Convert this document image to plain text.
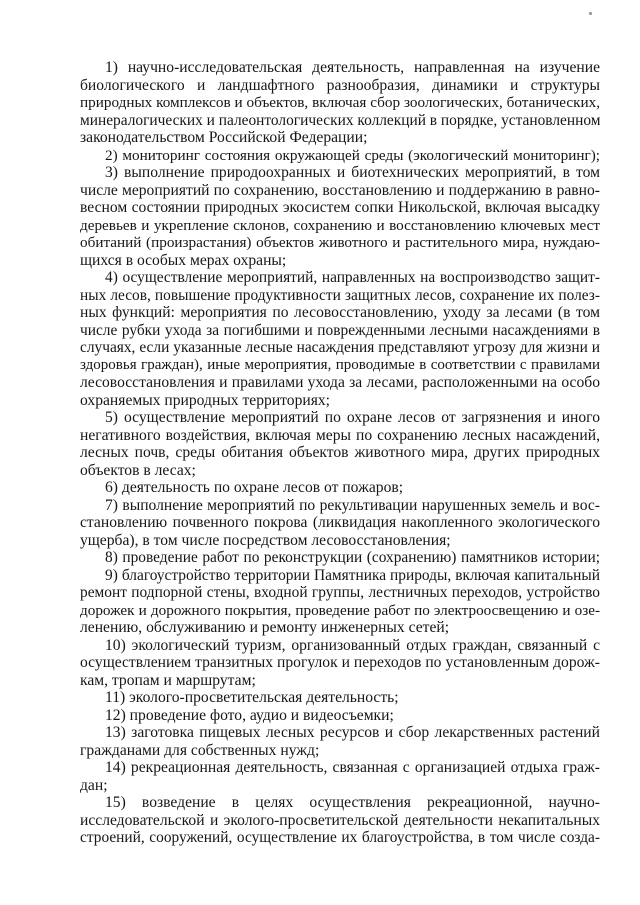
1) научно-исследовательская деятельность, направленная на изучение
биологического и ландшафтного разнообразия, динамики и структуры
природных комплексов и объектов, включая сбор зоологических, ботанических,
минералогических и палеонтологических коллекций в порядке, установленном
законодательством Российской Федерации;
2) мониторинг состояния окружающей среды (экологический мониторинг);
3) выполнение природоохранных и биотехнических мероприятий, в том
числе мероприятий по сохранению, восстановлению и поддержанию в равно-
весном состоянии природных экосистем сопки Никольской, включая высадку
деревьев и укрепление склонов, сохранению и восстановлению ключевых мест
обитаний (произрастания) объектов животного и растительного мира, нуждаю-
щихся в особых мерах охраны;
4) осуществление мероприятий, направленных на воспроизводство защит-
ных лесов, повышение продуктивности защитных лесов, сохранение их полез-
ных функций: мероприятия по лесовосстановлению, уходу за лесами (в том
числе рубки ухода за погибшими и поврежденными лесными насаждениями в
случаях, если указанные лесные насаждения представляют угрозу для жизни и
здоровья граждан), иные мероприятия, проводимые в соответствии с правилами
лесовосстановления и правилами ухода за лесами, расположенными на особо
охраняемых природных территориях;
5) осуществление мероприятий по охране лесов от загрязнения и иного
негативного воздействия, включая меры по сохранению лесных насаждений,
лесных почв, среды обитания объектов животного мира, других природных
объектов в лесах;
6) деятельность по охране лесов от пожаров;
7) выполнение мероприятий по рекультивации нарушенных земель и вос-
становлению почвенного покрова (ликвидация накопленного экологического
ущерба), в том числе посредством лесовосстановления;
8) проведение работ по реконструкции (сохранению) памятников истории;
9) благоустройство территории Памятника природы, включая капитальный
ремонт подпорной стены, входной группы, лестничных переходов, устройство
дорожек и дорожного покрытия, проведение работ по электроосвещению и озе-
ленению, обслуживанию и ремонту инженерных сетей;
10) экологический туризм, организованный отдых граждан, связанный с
осуществлением транзитных прогулок и переходов по установленным дорож-
кам, тропам и маршрутам;
11) эколого-просветительская деятельность;
12) проведение фото, аудио и видеосъемки;
13) заготовка пищевых лесных ресурсов и сбор лекарственных растений
гражданами для собственных нужд;
14) рекреационная деятельность, связанная с организацией отдыха граж-
дан;
15) возведение в целях осуществления рекреационной, научно-
исследовательской и эколого-просветительской деятельности некапитальных
строений, сооружений, осуществление их благоустройства, в том числе созда-
